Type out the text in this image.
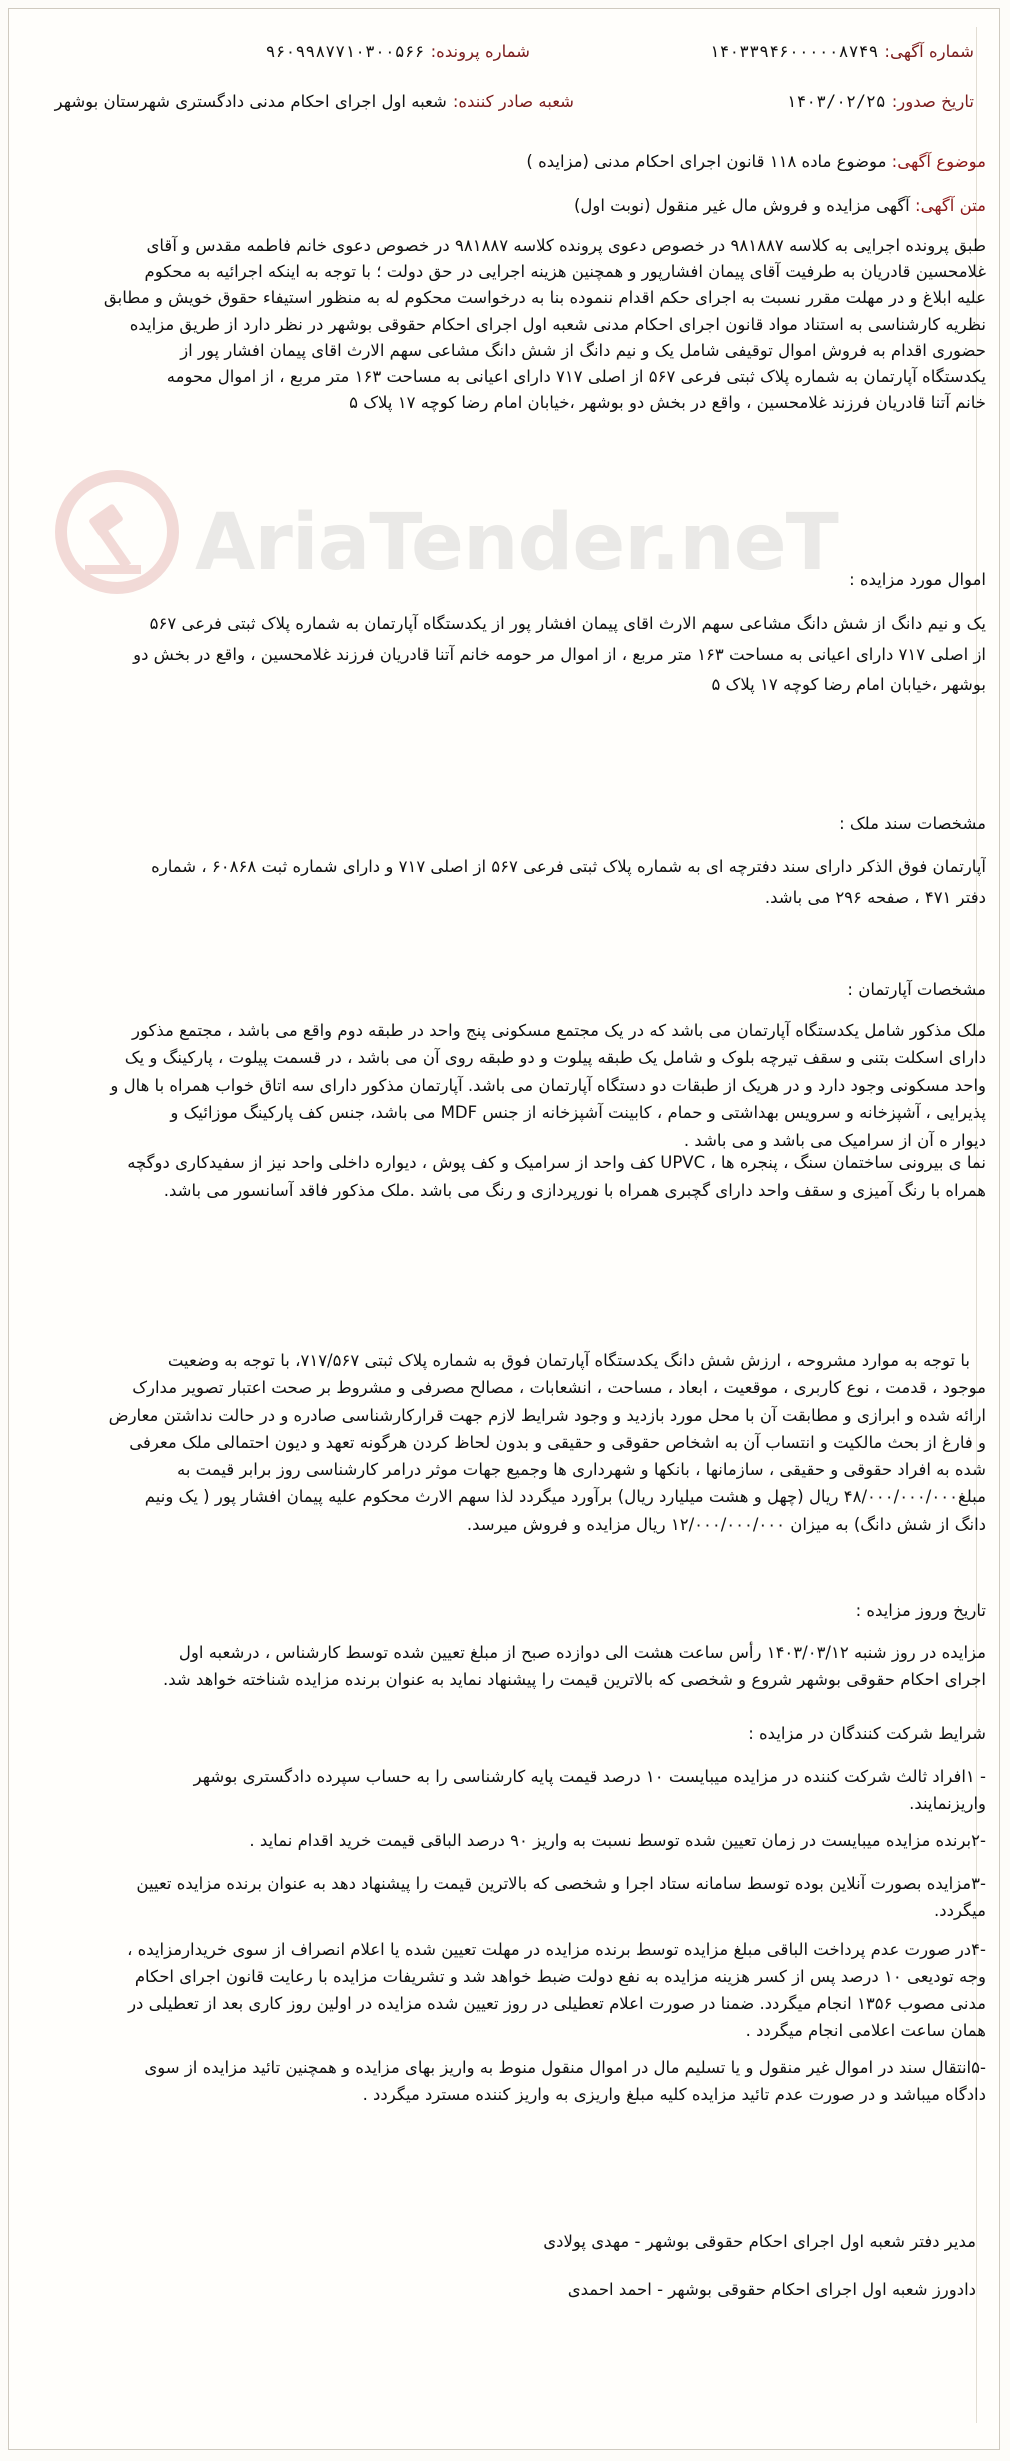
AriaTender.neT
شماره آگهی:۱۴۰۳۳۹۴۶۰۰۰۰۰۸۷۴۹
شماره پرونده:۹۶۰۹۹۸۷۷۱۰۳۰۰۵۶۶
تاریخ صدور:۱۴۰۳/۰۲/۲۵
شعبه صادر کننده:شعبه اول اجرای احکام مدنی دادگستری شهرستان بوشهر
موضوع آگهی: موضوع ماده ۱۱۸ قانون اجرای احکام مدنی (مزایده )
متن آگهی: آگهی مزایده و فروش مال غیر منقول (نوبت اول)
طبق پرونده اجرایی به کلاسه ۹۸۱۸۸۷ در خصوص دعوی پرونده کلاسه ۹۸۱۸۸۷ در خصوص دعوی خانم فاطمه مقدس و آقای
غلامحسین قادریان به طرفیت آقای پیمان افشارپور و همچنین هزینه اجرایی در حق دولت ؛ با توجه به اینکه اجرائیه به محکوم
علیه ابلاغ و در مهلت مقرر نسبت به اجرای حکم اقدام ننموده بنا به درخواست محکوم له به منظور استیفاء حقوق خویش و مطابق
نظریه کارشناسی به استناد مواد قانون اجرای احکام مدنی شعبه اول اجرای احکام حقوقی بوشهر در نظر دارد از طریق مزایده
حضوری اقدام به فروش اموال توقیفی شامل یک و نیم دانگ از شش دانگ مشاعی سهم الارث اقای پیمان افشار پور از
یکدستگاه آپارتمان به شماره پلاک ثبتی فرعی ۵۶۷ از اصلی ۷۱۷ دارای اعیانی به مساحت ۱۶۳ متر مربع ، از اموال محومه
خانم آتنا قادریان فرزند غلامحسین ، واقع در بخش دو بوشهر ،خیابان امام رضا کوچه ۱۷ پلاک ۵
اموال مورد مزایده :
یک و نیم دانگ از شش دانگ مشاعی سهم الارث اقای پیمان افشار پور از یکدستگاه آپارتمان به شماره پلاک ثبتی فرعی ۵۶۷
از اصلی ۷۱۷ دارای اعیانی به مساحت ۱۶۳ متر مربع ، از اموال مر حومه خانم آتنا قادریان فرزند غلامحسین ، واقع در بخش دو
بوشهر ،خیابان امام رضا کوچه ۱۷ پلاک ۵
مشخصات سند ملک :
آپارتمان فوق الذکر دارای سند دفترچه ای به شماره پلاک ثبتی فرعی ۵۶۷ از اصلی ۷۱۷ و دارای شماره ثبت ۶۰۸۶۸ ، شماره
دفتر ۴۷۱ ، صفحه ۲۹۶ می باشد.
مشخصات آپارتمان :
ملک مذکور شامل یکدستگاه آپارتمان می باشد که در یک مجتمع مسکونی پنج واحد در طبقه دوم واقع می باشد ، مجتمع مذکور
دارای اسکلت بتنی و سقف تیرچه بلوک و شامل یک طبقه پیلوت و دو طبقه روی آن می باشد ، در قسمت پیلوت ، پارکینگ و یک
واحد مسکونی وجود دارد و در هریک از طبقات دو دستگاه آپارتمان می باشد. آپارتمان مذکور دارای سه اتاق خواب همراه با هال و
پذیرایی ، آشپزخانه و سرویس بهداشتی و حمام ، کابینت آشپزخانه از جنس MDF می باشد، جنس کف پارکینگ موزائیک و
دیوار ه آن از سرامیک می باشد و می باشد .
نما ی بیرونی ساختمان سنگ ، پنجره ها ، UPVC کف واحد از سرامیک و کف پوش ، دیواره داخلی واحد نیز از سفیدکاری دوگچه
همراه با رنگ آمیزی و سقف واحد دارای گچبری همراه با نورپردازی و رنگ می باشد .ملک مذکور فاقد آسانسور می باشد.
با توجه به موارد مشروحه ، ارزش شش دانگ یکدستگاه آپارتمان فوق به شماره پلاک ثبتی ۷۱۷/۵۶۷، با توجه به وضعیت
موجود ، قدمت ، نوع کاربری ، موقعیت ، ابعاد ، مساحت ، انشعابات ، مصالح مصرفی و مشروط بر صحت اعتبار تصویر مدارک
ارائه شده و ابرازی و مطابقت آن با محل مورد بازدید و وجود شرایط لازم جهت قرارکارشناسی صادره و در حالت نداشتن معارض
و فارغ از بحث مالکیت و انتساب آن به اشخاص حقوقی و حقیقی و بدون لحاظ کردن هرگونه تعهد و دیون احتمالی ملک معرفی
شده به افراد حقوقی و حقیقی ، سازمانها ، بانکها و شهرداری ها وجمیع جهات موثر درامر کارشناسی روز برابر قیمت به
مبلغ۴۸/۰۰۰/۰۰۰/۰۰۰ ریال (چهل و هشت میلیارد ریال) برآورد میگردد لذا سهم الارث محکوم علیه پیمان افشار پور ( یک ونیم
دانگ از شش دانگ) به میزان ۱۲/۰۰۰/۰۰۰/۰۰۰ ریال مزایده و فروش میرسد.
تاریخ وروز مزایده :
مزایده در روز شنبه ۱۴۰۳/۰۳/۱۲ رأس ساعت هشت الی دوازده صبح از مبلغ تعیین شده توسط کارشناس ، درشعبه اول
اجرای احکام حقوقی بوشهر شروع و شخصی که بالاترین قیمت را پیشنهاد نماید به عنوان برنده مزایده شناخته خواهد شد.
شرایط شرکت کنندگان در مزایده :
- ۱افراد ثالث شرکت کننده در مزایده میبایست ۱۰ درصد قیمت پایه کارشناسی را به حساب سپرده دادگستری بوشهر
واریزنمایند.
-۲برنده مزایده میبایست در زمان تعیین شده توسط نسبت به واریز ۹۰ درصد الباقی قیمت خرید اقدام نماید .
-۳مزایده بصورت آنلاین بوده توسط سامانه ستاد اجرا و شخصی که بالاترین قیمت را پیشنهاد دهد به عنوان برنده مزایده تعیین
میگردد.
-۴در صورت عدم پرداخت الباقی مبلغ مزایده توسط برنده مزایده در مهلت تعیین شده یا اعلام انصراف از سوی خریدارمزایده ،
وجه تودیعی ۱۰ درصد پس از کسر هزینه مزایده به نفع دولت ضبط خواهد شد و تشریفات مزایده با رعایت قانون اجرای احکام
مدنی مصوب ۱۳۵۶ انجام میگردد. ضمنا در صورت اعلام تعطیلی در روز تعیین شده مزایده در اولین روز کاری بعد از تعطیلی در
همان ساعت اعلامی انجام میگردد .
-۵انتقال سند در اموال غیر منقول و یا تسلیم مال در اموال منقول منوط به واریز بهای مزایده و همچنین تائید مزایده از سوی
دادگاه میباشد و در صورت عدم تائید مزایده کلیه مبلغ واریزی به واریز کننده مسترد میگردد .
مدیر دفتر شعبه اول اجرای احکام حقوقی بوشهر - مهدی پولادی
دادورز شعبه اول اجرای احکام حقوقی بوشهر - احمد احمدی
